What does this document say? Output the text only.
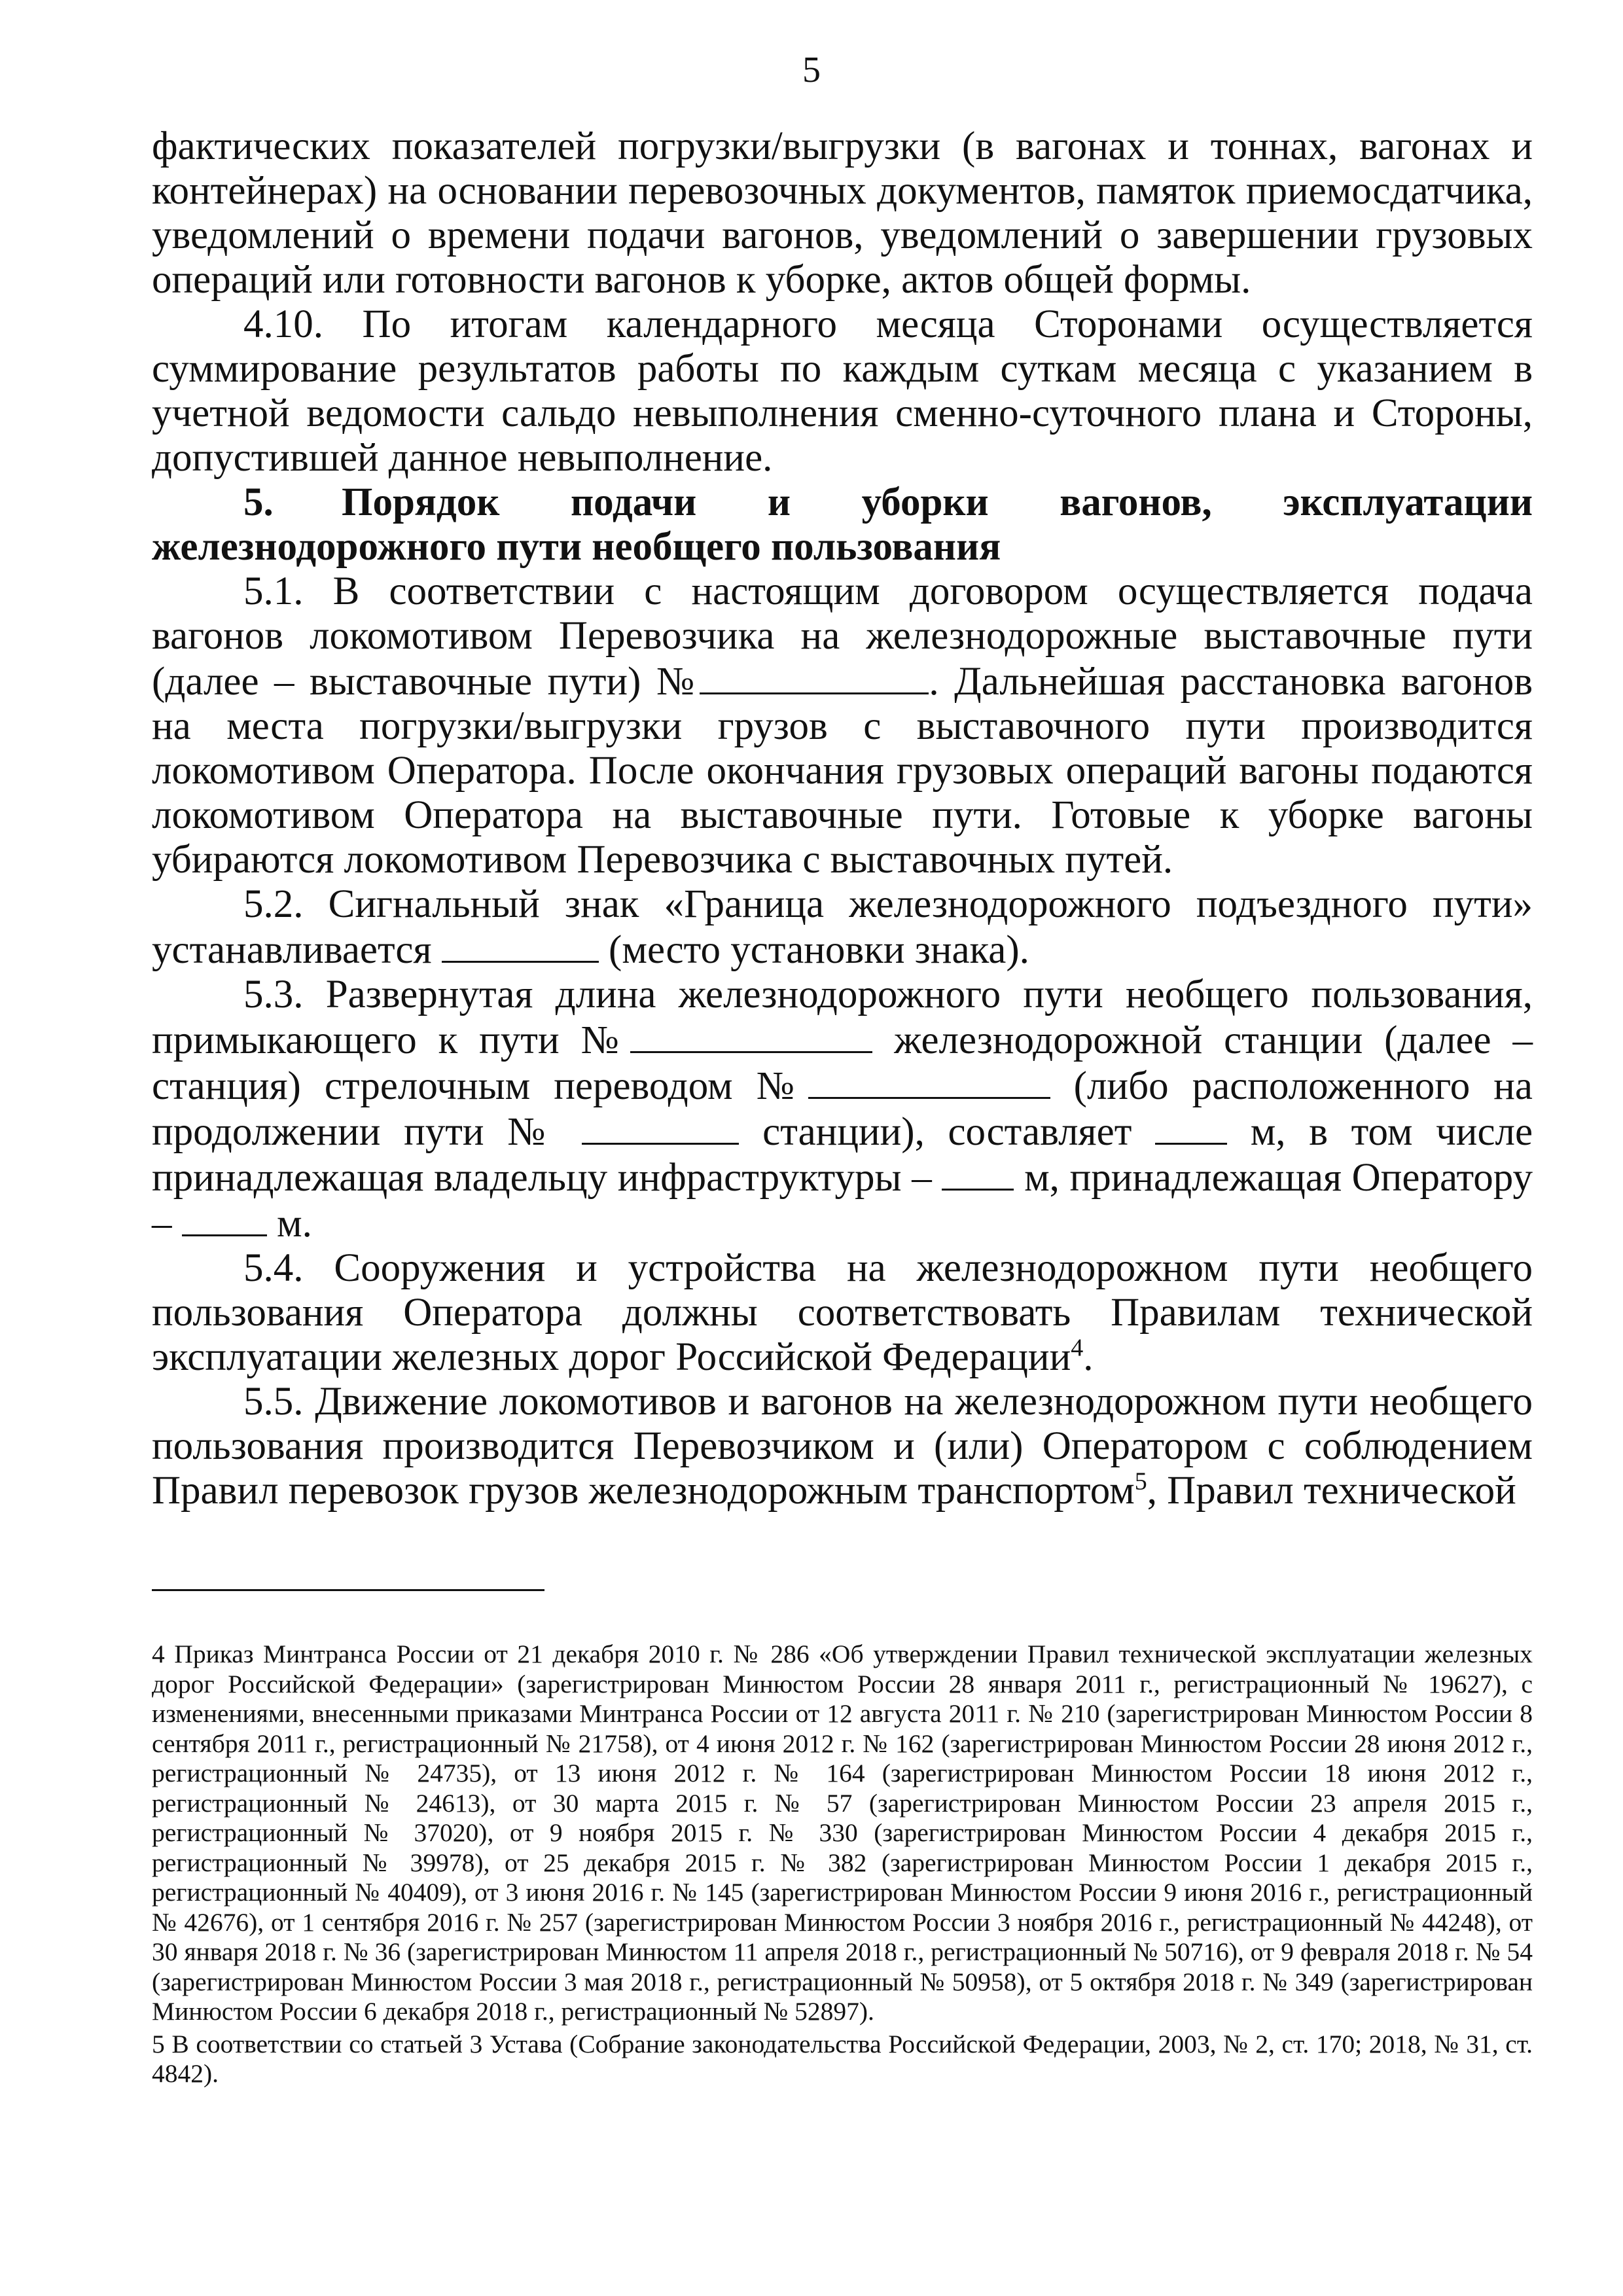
5

фактических показателей погрузки/выгрузки (в вагонах и тоннах, вагонах и контейнерах) на основании перевозочных документов, памяток приемосдатчика, уведомлений о времени подачи вагонов, уведомлений о завершении грузовых операций или готовности вагонов к уборке, актов общей формы.

4.10. По итогам календарного месяца Сторонами осуществляется суммирование результатов работы по каждым суткам месяца с указанием в учетной ведомости сальдо невыполнения сменно-суточного плана и Стороны, допустившей данное невыполнение.

5. Порядок подачи и уборки вагонов, эксплуатации железнодорожного пути необщего пользования

5.1. В соответствии с настоящим договором осуществляется подача вагонов локомотивом Перевозчика на железнодорожные выставочные пути (далее – выставочные пути) №	. Дальнейшая расстановка вагонов на места погрузки/выгрузки грузов с выставочного пути производится локомотивом Оператора. После окончания грузовых операций вагоны подаются локомотивом Оператора на выставочные пути. Готовые к уборке вагоны убираются локомотивом Перевозчика с выставочных путей.

5.2. Сигнальный знак «Граница железнодорожного подъездного пути» устанавливается	(место установки знака).

5.3. Развернутая длина железнодорожного пути необщего пользования, примыкающего к пути №	железнодорожной станции (далее – станция) стрелочным переводом №	(либо расположенного на продолжении пути №	станции), составляет	м, в том числе принадлежащая владельцу инфраструктуры – м, принадлежащая Оператору –	м.

5.4. Сооружения и устройства на железнодорожном пути необщего пользования Оператора должны соответствовать Правилам технической эксплуатации железных дорог Российской Федерации$^4$.

5.5. Движение локомотивов и вагонов на железнодорожном пути необщего пользования производится Перевозчиком и (или) Оператором с соблюдением Правил перевозок грузов железнодорожным транспортом$^5$, Правил технической

4 Приказ Минтранса России от 21 декабря 2010 г. № 286 «Об утверждении Правил технической эксплуатации железных дорог Российской Федерации» (зарегистрирован Минюстом России 28 января 2011 г., регистрационный № 19627), с изменениями, внесенными приказами Минтранса России от 12 августа 2011 г. № 210 (зарегистрирован Минюстом России 8 сентября 2011 г., регистрационный № 21758), от 4 июня 2012 г. № 162 (зарегистрирован Минюстом России 28 июня 2012 г., регистрационный № 24735), от 13 июня 2012 г. № 164 (зарегистрирован Минюстом России 18 июня 2012 г., регистрационный № 24613), от 30 марта 2015 г. № 57 (зарегистрирован Минюстом России 23 апреля 2015 г., регистрационный № 37020), от 9 ноября 2015 г. № 330 (зарегистрирован Минюстом России 4 декабря 2015 г., регистрационный № 39978), от 25 декабря 2015 г. № 382 (зарегистрирован Минюстом России 1 декабря 2015 г., регистрационный № 40409), от 3 июня 2016 г. № 145 (зарегистрирован Минюстом России 9 июня 2016 г., регистрационный № 42676), от 1 сентября 2016 г. № 257 (зарегистрирован Минюстом России 3 ноября 2016 г., регистрационный № 44248), от 30 января 2018 г. № 36 (зарегистрирован Минюстом 11 апреля 2018 г., регистрационный № 50716), от 9 февраля 2018 г. № 54 (зарегистрирован Минюстом России 3 мая 2018 г., регистрационный № 50958), от 5 октября 2018 г. № 349 (зарегистрирован Минюстом России 6 декабря 2018 г., регистрационный № 52897).

5 В соответствии со статьей 3 Устава (Собрание законодательства Российской Федерации, 2003, № 2, ст. 170; 2018, № 31, ст. 4842).
